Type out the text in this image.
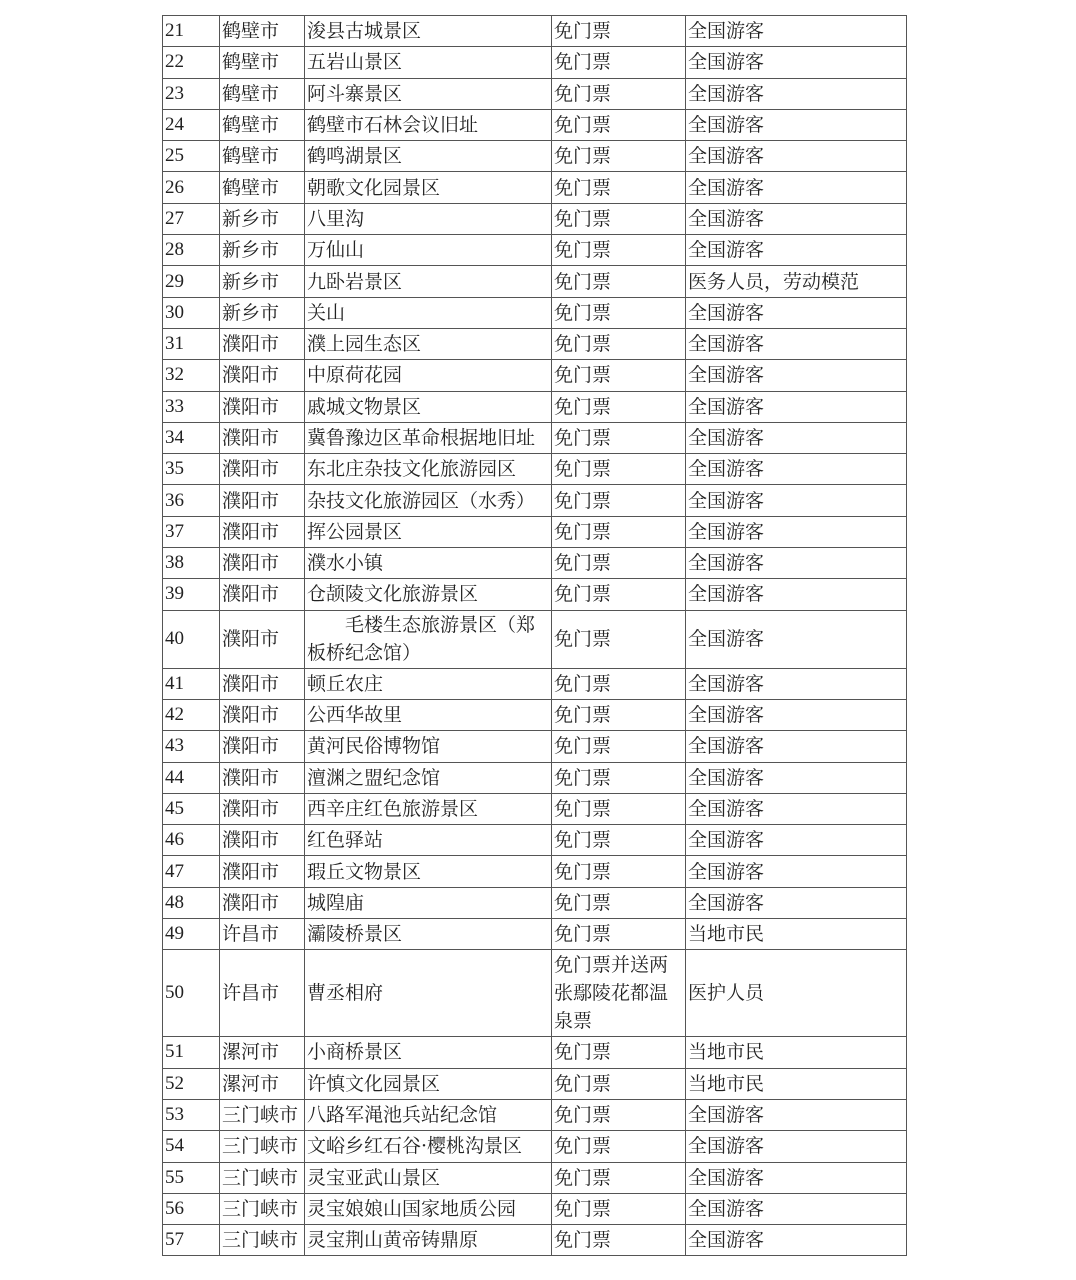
21	鹤壁市	浚县古城景区	免门票	全国游客
22	鹤壁市	五岩山景区	免门票	全国游客
23	鹤壁市	阿斗寨景区	免门票	全国游客
24	鹤壁市	鹤壁市石林会议旧址	免门票	全国游客
25	鹤壁市	鹤鸣湖景区	免门票	全国游客
26	鹤壁市	朝歌文化园景区	免门票	全国游客
27	新乡市	八里沟	免门票	全国游客
28	新乡市	万仙山	免门票	全国游客
29	新乡市	九卧岩景区	免门票	医务人员，劳动模范
30	新乡市	关山	免门票	全国游客
31	濮阳市	濮上园生态区	免门票	全国游客
32	濮阳市	中原荷花园	免门票	全国游客
33	濮阳市	戚城文物景区	免门票	全国游客
34	濮阳市	冀鲁豫边区革命根据地旧址	免门票	全国游客
35	濮阳市	东北庄杂技文化旅游园区	免门票	全国游客
36	濮阳市	杂技文化旅游园区（水秀）	免门票	全国游客
37	濮阳市	挥公园景区	免门票	全国游客
38	濮阳市	濮水小镇	免门票	全国游客
39	濮阳市	仓颉陵文化旅游景区	免门票	全国游客
40	濮阳市	毛楼生态旅游景区（郑板桥纪念馆）	免门票	全国游客
41	濮阳市	顿丘农庄	免门票	全国游客
42	濮阳市	公西华故里	免门票	全国游客
43	濮阳市	黄河民俗博物馆	免门票	全国游客
44	濮阳市	澶渊之盟纪念馆	免门票	全国游客
45	濮阳市	西辛庄红色旅游景区	免门票	全国游客
46	濮阳市	红色驿站	免门票	全国游客
47	濮阳市	瑕丘文物景区	免门票	全国游客
48	濮阳市	城隍庙	免门票	全国游客
49	许昌市	灞陵桥景区	免门票	当地市民
50	许昌市	曹丞相府	免门票并送两张鄢陵花都温泉票	医护人员
51	漯河市	小商桥景区	免门票	当地市民
52	漯河市	许慎文化园景区	免门票	当地市民
53	三门峡市	八路军渑池兵站纪念馆	免门票	全国游客
54	三门峡市	文峪乡红石谷·樱桃沟景区	免门票	全国游客
55	三门峡市	灵宝亚武山景区	免门票	全国游客
56	三门峡市	灵宝娘娘山国家地质公园	免门票	全国游客
57	三门峡市	灵宝荆山黄帝铸鼎原	免门票	全国游客
